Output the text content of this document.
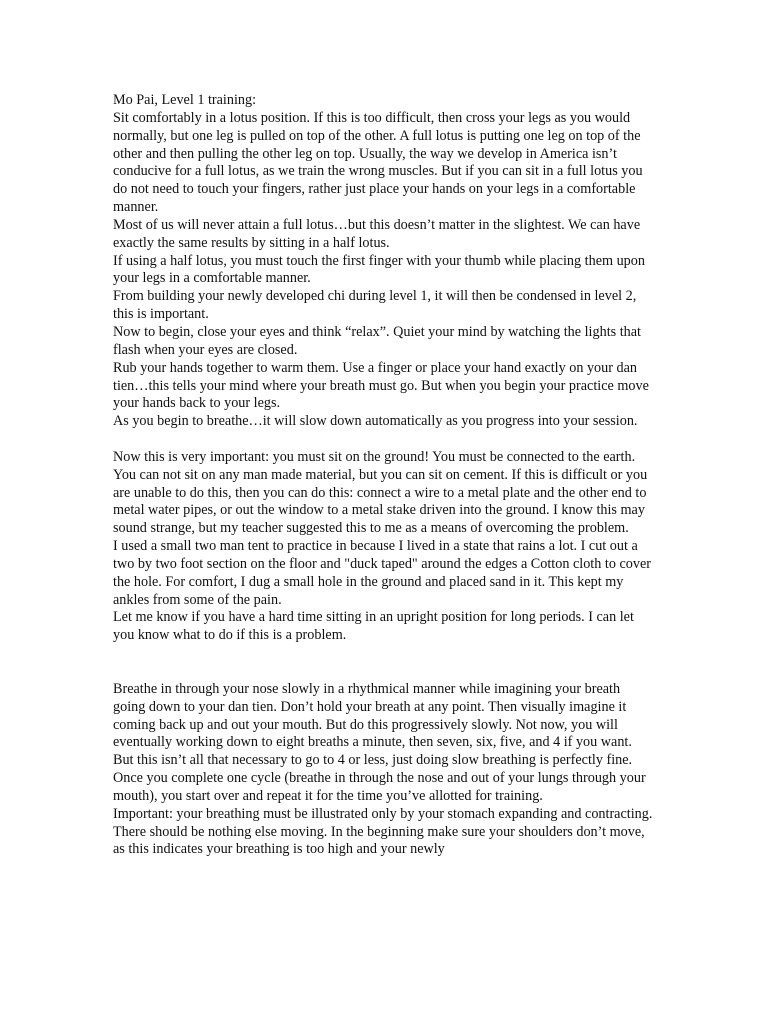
Mo Pai, Level 1 training:

Sit comfortably in a lotus position. If this is too difficult, then cross your legs as you would normally, but one leg is pulled on top of the other. A full lotus is putting one leg on top of the other and then pulling the other leg on top. Usually, the way we develop in America isn’t conducive for a full lotus, as we train the wrong muscles. But if you can sit in a full lotus you do not need to touch your fingers, rather just place your hands on your legs in a comfortable manner.

Most of us will never attain a full lotus…but this doesn’t matter in the slightest. We can have exactly the same results by sitting in a half lotus.

If using a half lotus, you must touch the first finger with your thumb while placing them upon your legs in a comfortable manner.

From building your newly developed chi during level 1, it will then be condensed in level 2, this is important.

Now to begin, close your eyes and think “relax”. Quiet your mind by watching the lights that flash when your eyes are closed.

Rub your hands together to warm them. Use a finger or place your hand exactly on your dan tien…this tells your mind where your breath must go. But when you begin your practice move your hands back to your legs.

As you begin to breathe…it will slow down automatically as you progress into your session.

Now this is very important: you must sit on the ground! You must be connected to the earth. You can not sit on any man made material, but you can sit on cement. If this is difficult or you are unable to do this, then you can do this: connect a wire to a metal plate and the other end to metal water pipes, or out the window to a metal stake driven into the ground. I know this may sound strange, but my teacher suggested this to me as a means of overcoming the problem.

I used a small two man tent to practice in because I lived in a state that rains a lot. I cut out a two by two foot section on the floor and "duck taped" around the edges a Cotton cloth to cover the hole. For comfort, I dug a small hole in the ground and placed sand in it. This kept my ankles from some of the pain.

Let me know if you have a hard time sitting in an upright position for long periods. I can let you know what to do if this is a problem.

Breathe in through your nose slowly in a rhythmical manner while imagining your breath going down to your dan tien. Don’t hold your breath at any point. Then visually imagine it coming back up and out your mouth. But do this progressively slowly. Not now, you will eventually working down to eight breaths a minute, then seven, six, five, and 4 if you want. But this isn’t all that necessary to go to 4 or less, just doing slow breathing is perfectly fine.

Once you complete one cycle (breathe in through the nose and out of your lungs through your mouth), you start over and repeat it for the time you’ve allotted for training.

Important: your breathing must be illustrated only by your stomach expanding and contracting. There should be nothing else moving. In the beginning make sure your shoulders don’t move, as this indicates your breathing is too high and your newly
